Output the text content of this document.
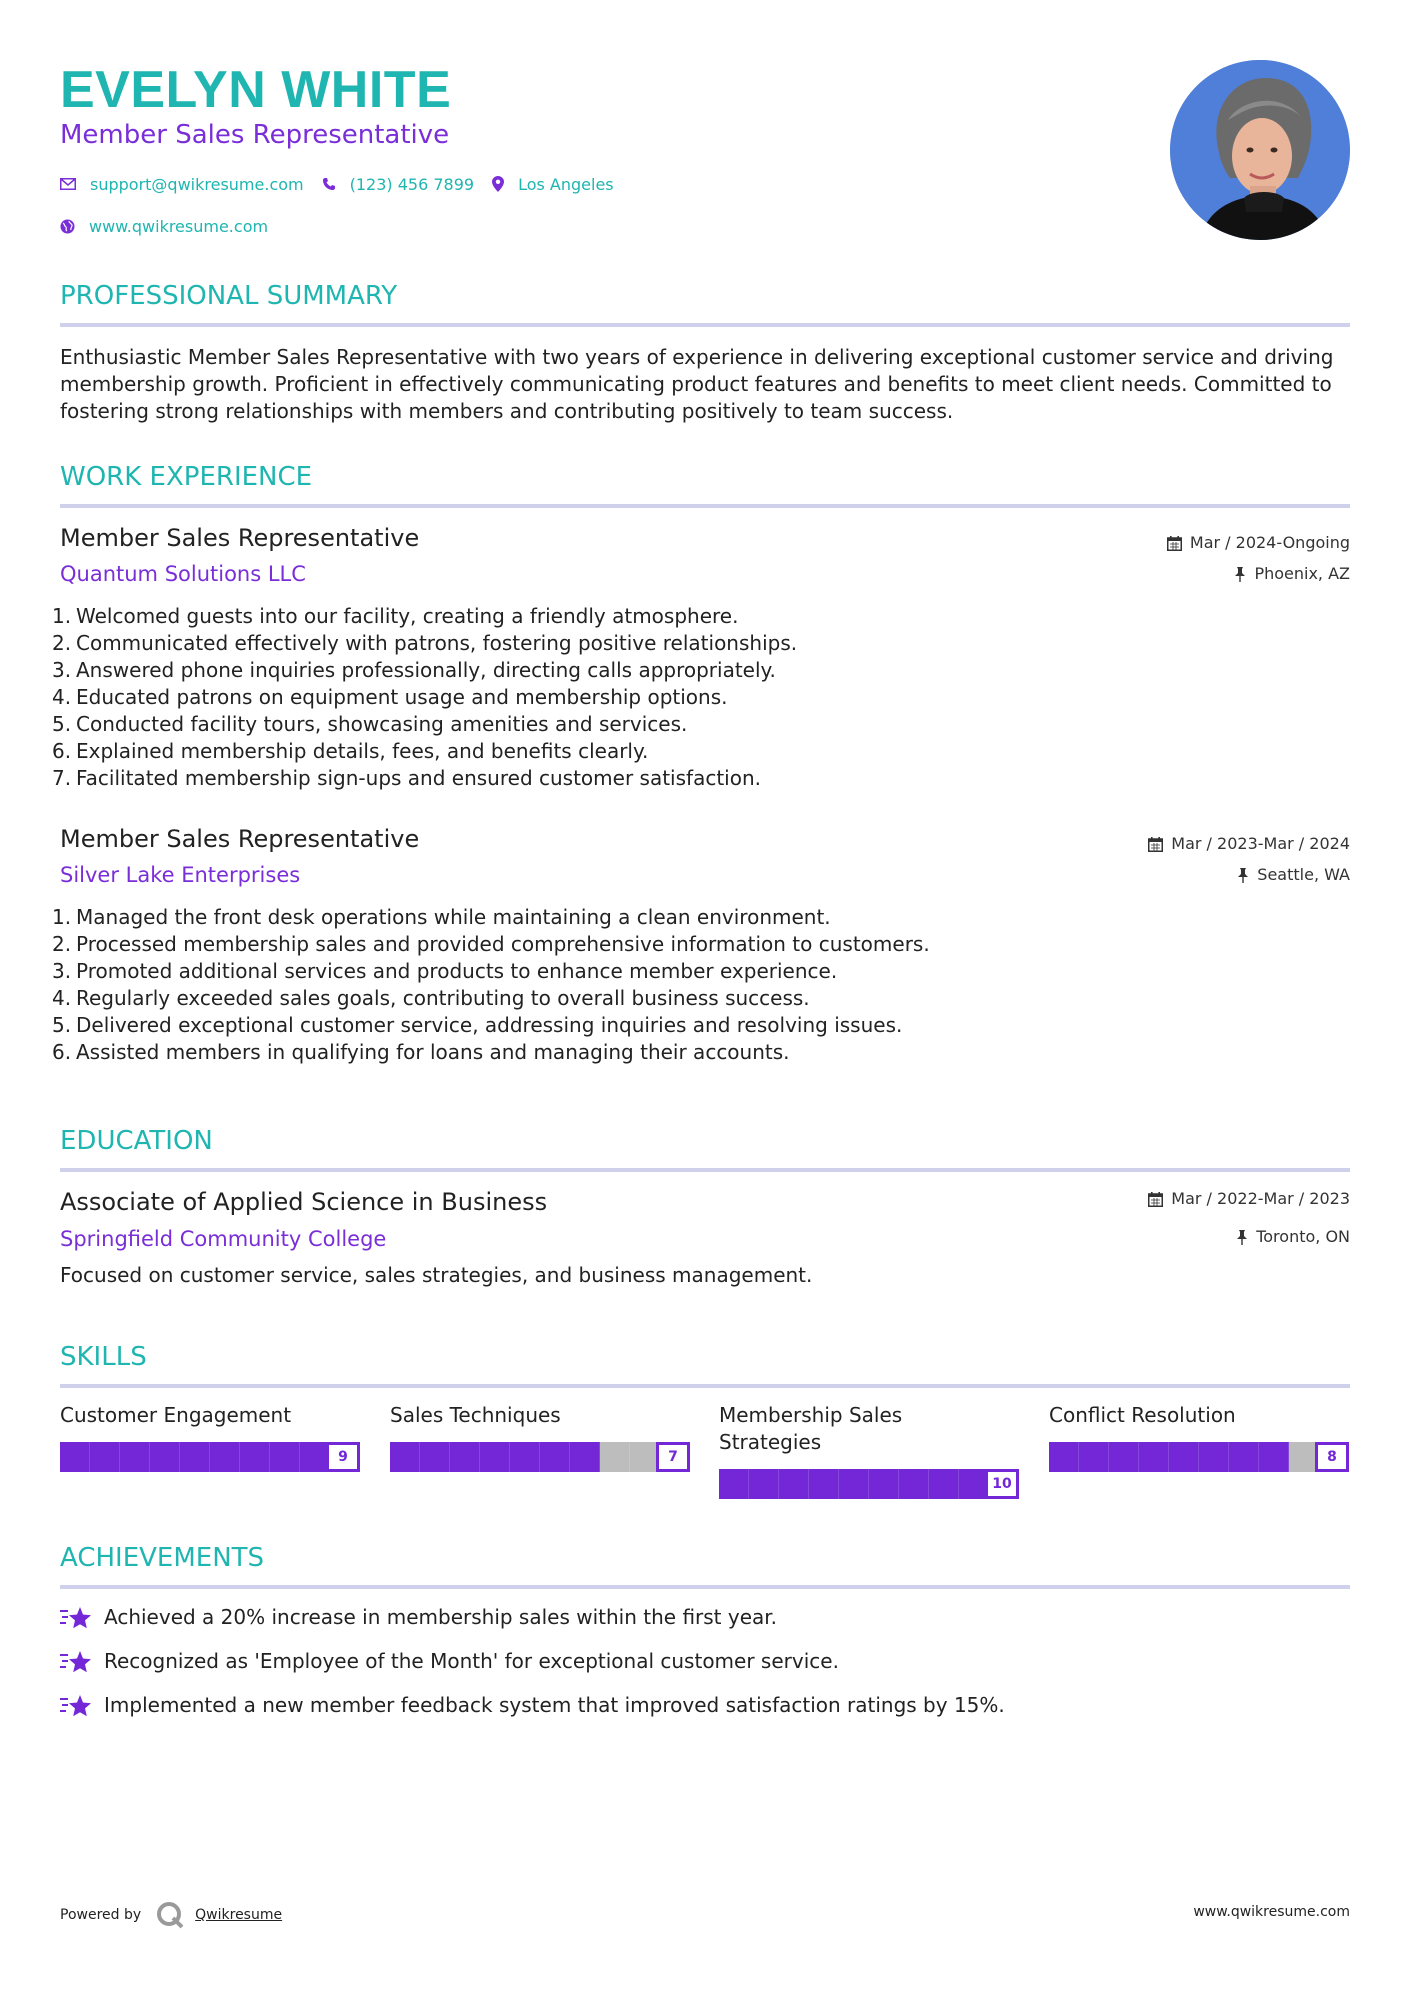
EVELYN WHITE
Member Sales Representative
support@qwikresume.com	(123) 456 7899	Los Angeles
www.qwikresume.com
PROFESSIONAL SUMMARY
Enthusiastic Member Sales Representative with two years of experience in delivering exceptional customer service and driving membership growth. Proficient in effectively communicating product features and benefits to meet client needs. Committed to fostering strong relationships with members and contributing positively to team success.
WORK EXPERIENCE
Member Sales Representative
Quantum Solutions LLC
Mar / 2024-Ongoing
Phoenix, AZ
1. Welcomed guests into our facility, creating a friendly atmosphere.
2. Communicated effectively with patrons, fostering positive relationships.
3. Answered phone inquiries professionally, directing calls appropriately.
4. Educated patrons on equipment usage and membership options.
5. Conducted facility tours, showcasing amenities and services.
6. Explained membership details, fees, and benefits clearly.
7. Facilitated membership sign-ups and ensured customer satisfaction.
Member Sales Representative
Silver Lake Enterprises
Mar / 2023-Mar / 2024
Seattle, WA
1. Managed the front desk operations while maintaining a clean environment.
2. Processed membership sales and provided comprehensive information to customers.
3. Promoted additional services and products to enhance member experience.
4. Regularly exceeded sales goals, contributing to overall business success.
5. Delivered exceptional customer service, addressing inquiries and resolving issues.
6. Assisted members in qualifying for loans and managing their accounts.
EDUCATION
Associate of Applied Science in Business
Springfield Community College
Mar / 2022-Mar / 2023
Toronto, ON
Focused on customer service, sales strategies, and business management.
SKILLS
Customer Engagement
9
Sales Techniques
7
Membership Sales Strategies
10
Conflict Resolution
8
ACHIEVEMENTS
Achieved a 20% increase in membership sales within the first year.
Recognized as 'Employee of the Month' for exceptional customer service.
Implemented a new member feedback system that improved satisfaction ratings by 15%.
Powered by	Qwikresume	www.qwikresume.com
